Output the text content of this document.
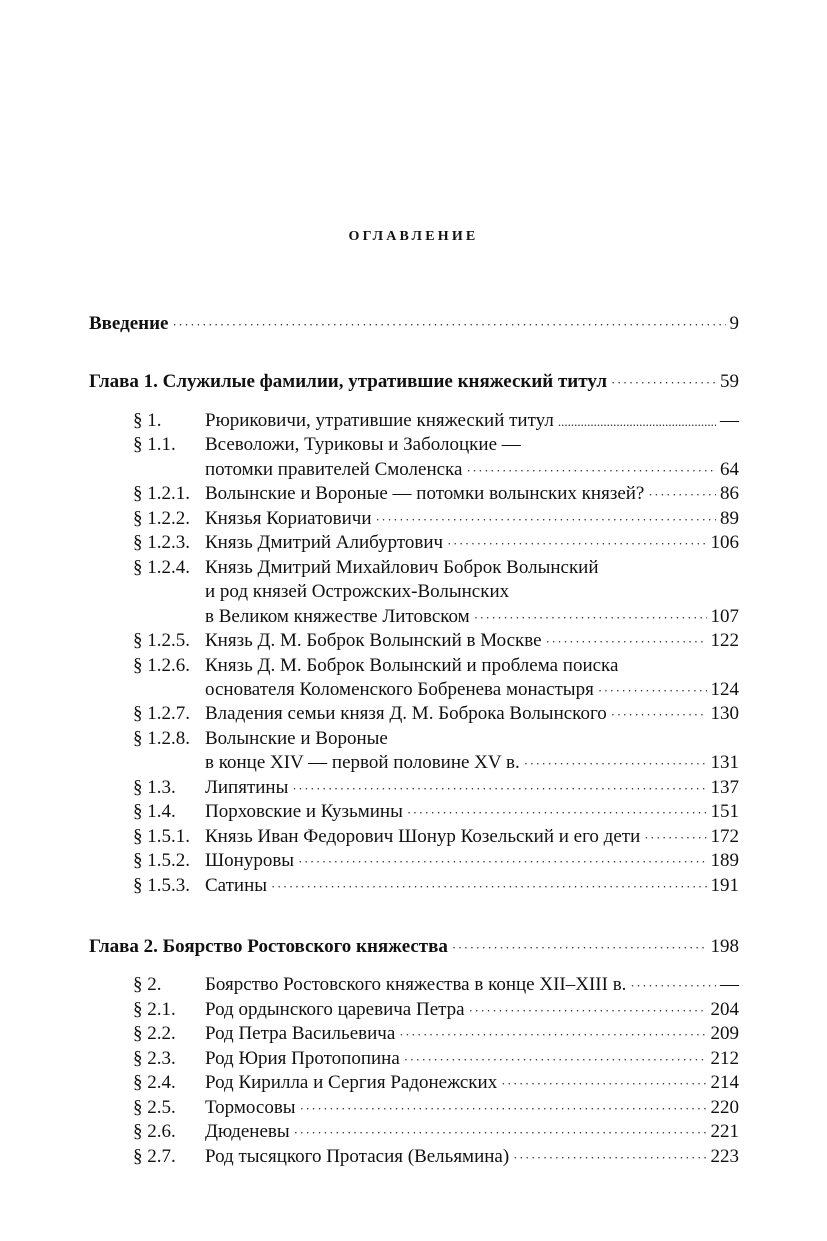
ОГЛАВЛЕНИЕ
Введение ·····	9
Глава 1. Служилые фамилии, утратившие княжеский титул ·····	59
§ 1. Рюриковичи, утратившие княжеский титул .....	—
§ 1.1. Всеволожи, Туриковы и Заболоцкие —
потомки правителей Смоленска ·····	64
§ 1.2.1. Волынские и Вороные — потомки волынских князей? ·····	86
§ 1.2.2. Князья Кориатовичи ·····	89
§ 1.2.3. Князь Дмитрий Алибуртович ·····	106
§ 1.2.4. Князь Дмитрий Михайлович Боброк Волынский
и род князей Острожских-Волынских
в Великом княжестве Литовском ·····	107
§ 1.2.5. Князь Д. М. Боброк Волынский в Москве ·····	122
§ 1.2.6. Князь Д. М. Боброк Волынский и проблема поиска
основателя Коломенского Бобренева монастыря ·····	124
§ 1.2.7. Владения семьи князя Д. М. Боброка Волынского ·····	130
§ 1.2.8. Волынские и Вороные
в конце XIV — первой половине XV в. ·····	131
§ 1.3. Липятины ·····	137
§ 1.4. Порховские и Кузьмины ·····	151
§ 1.5.1. Князь Иван Федорович Шонур Козельский и его дети ·····	172
§ 1.5.2. Шонуровы ·····	189
§ 1.5.3. Сатины ·····	191
Глава 2. Боярство Ростовского княжества ·····	198
§ 2. Боярство Ростовского княжества в конце XII–XIII в. ·····	—
§ 2.1. Род ордынского царевича Петра ·····	204
§ 2.2. Род Петра Васильевича ·····	209
§ 2.3. Род Юрия Протопопина ·····	212
§ 2.4. Род Кирилла и Сергия Радонежских ·····	214
§ 2.5. Тормосовы ·····	220
§ 2.6. Дюденевы ·····	221
§ 2.7. Род тысяцкого Протасия (Вельямина) ·····	223
